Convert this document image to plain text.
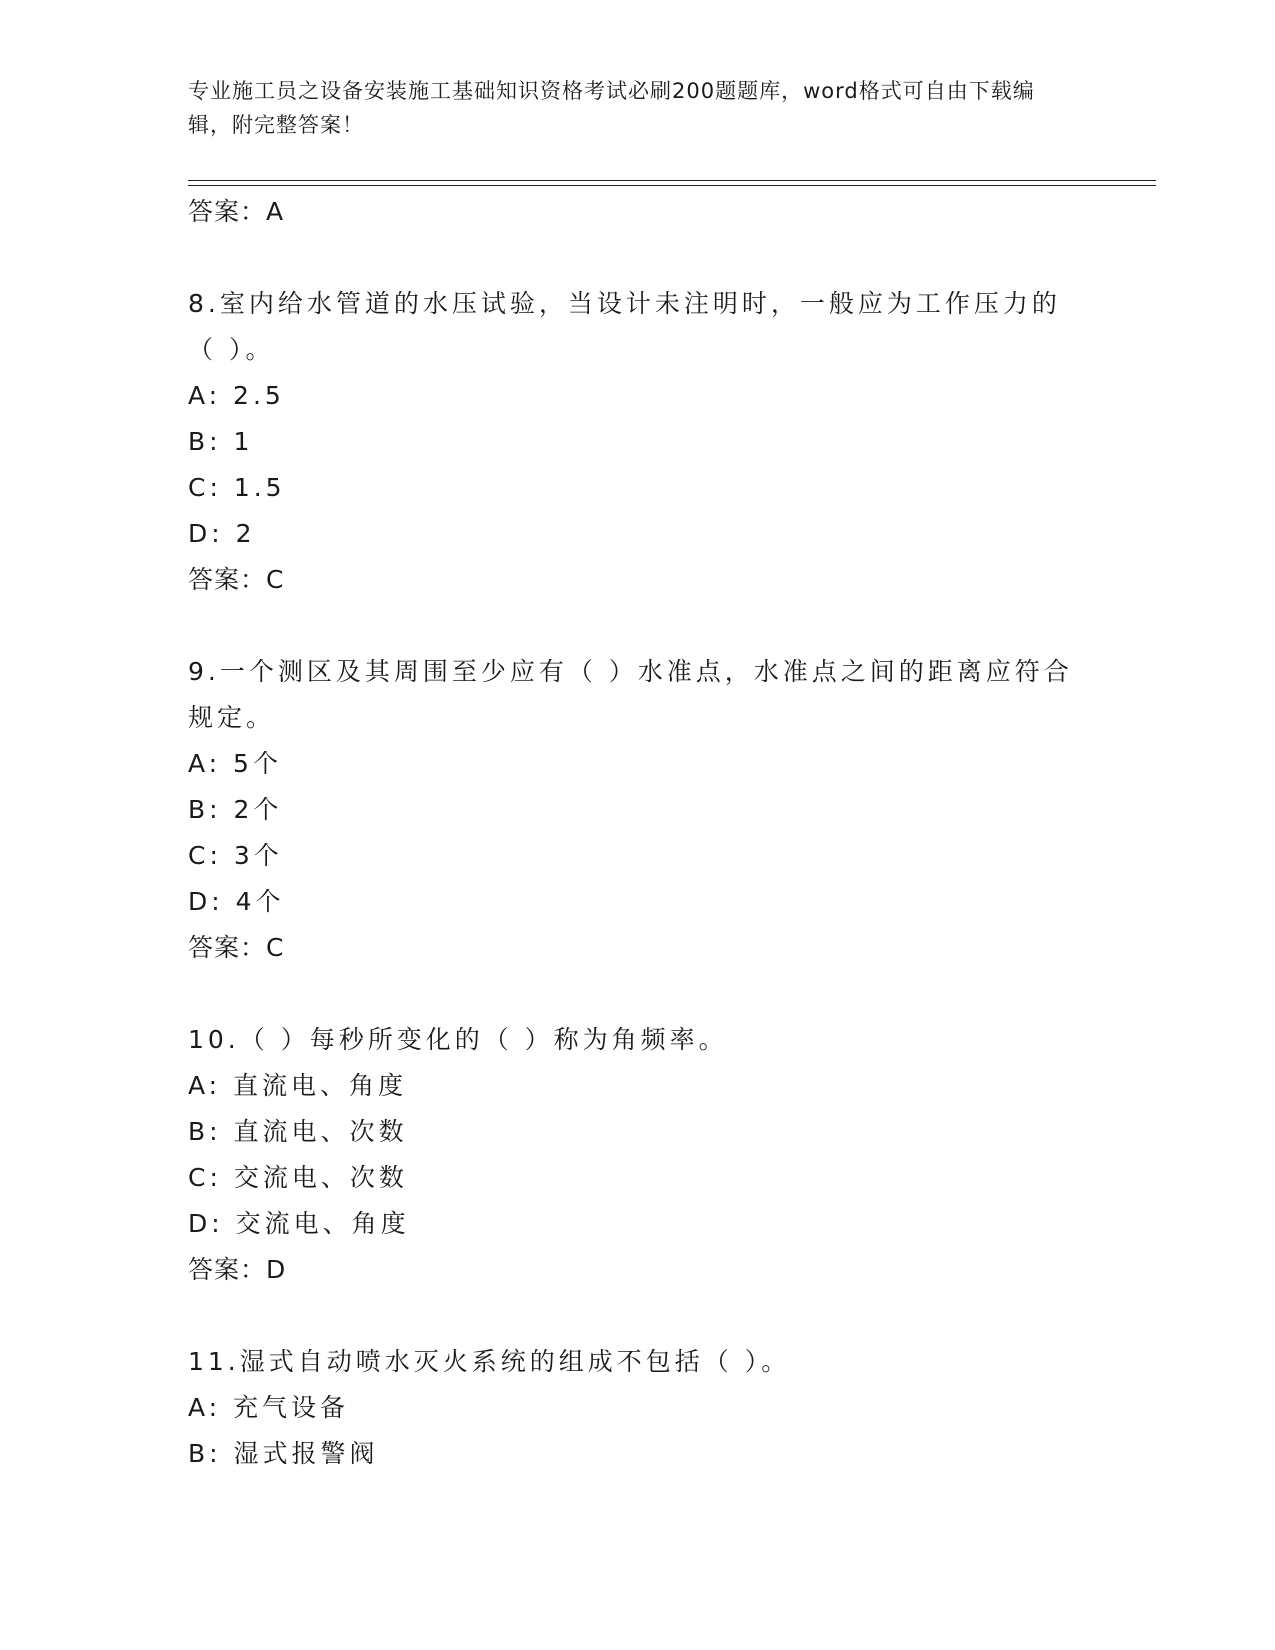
专业施工员之设备安装施工基础知识资格考试必刷200题题库，word格式可自由下载编辑，附完整答案！
答案：A
8.室内给水管道的水压试验，当设计未注明时，一般应为工作压力的（ ）。
A: 2.5
B: 1
C: 1.5
D: 2
答案：C
9.一个测区及其周围至少应有（ ）水准点，水准点之间的距离应符合规定。
A: 5个
B: 2个
C: 3个
D: 4个
答案：C
10.（ ）每秒所变化的（ ）称为角频率。
A: 直流电、角度
B: 直流电、次数
C: 交流电、次数
D: 交流电、角度
答案：D
11.湿式自动喷水灭火系统的组成不包括（ ）。
A: 充气设备
B: 湿式报警阀
